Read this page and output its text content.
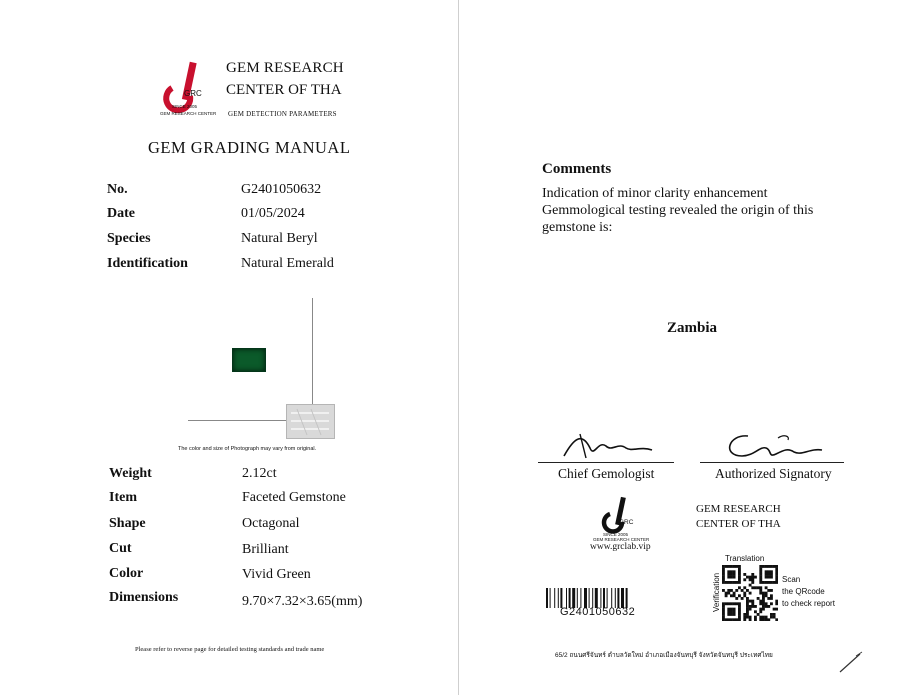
GRC
SINCE 2005
GEM RESEARCH CENTER
GEM RESEARCH
CENTER OF THA
GEM DETECTION PARAMETERS
GEM GRADING MANUAL
No.	G2401050632
Date	01/05/2024
Species	Natural Beryl
Identification	Natural Emerald
The color and size of Photograph may vary from original.
Weight	2.12ct
Item	Faceted Gemstone
Shape	Octagonal
Cut	Brilliant
Color	Vivid Green
Dimensions	9.70×7.32×3.65(mm)
Please refer to reverse page for detailed testing standards and trade name
Comments
Indication of minor clarity enhancement
Gemmological testing revealed the origin of this
gemstone is:
Zambia
Chief Gemologist	Authorized Signatory
GRC
SINCE 2005
GEM RESEARCH CENTER
www.grclab.vip
GEM RESEARCH
CENTER OF THA
G2401050632
Translation
Verification	Scan
the QRcode
to check report
65/2 ถนนศรีจันทร์ ตำบลวัดใหม่ อำเภอเมืองจันทบุรี จังหวัดจันทบุรี ประเทศไทย
